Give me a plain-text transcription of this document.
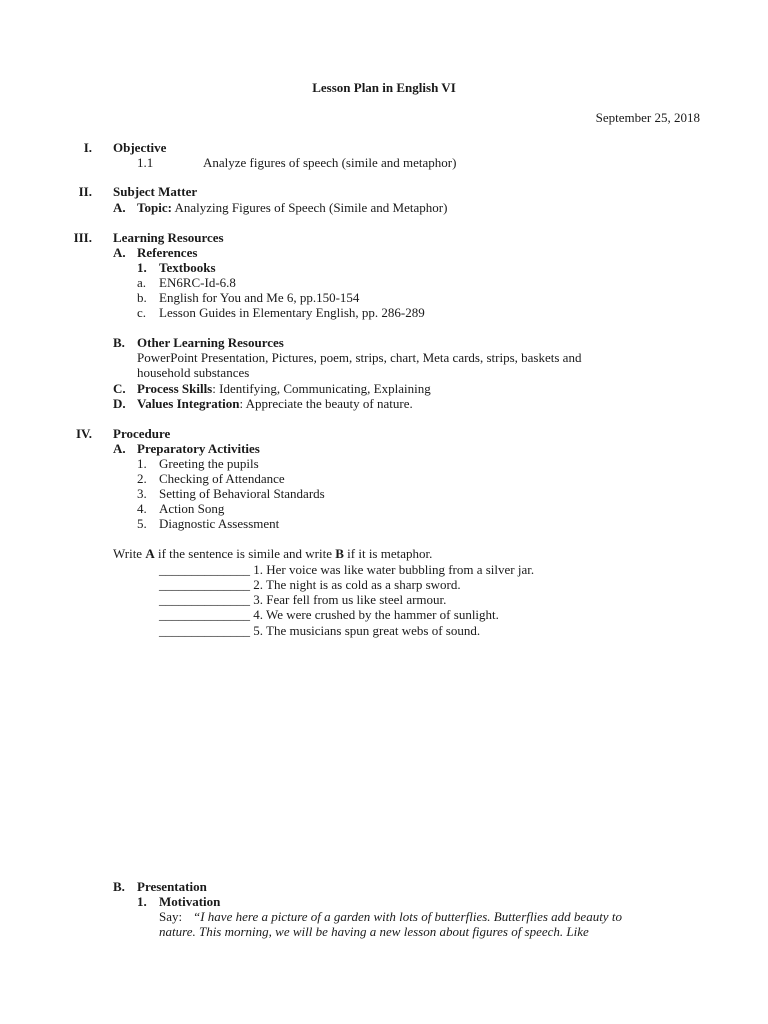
Lesson Plan in English VI
September 25, 2018
I. Objective
1.1	Analyze figures of speech (simile and metaphor)
II. Subject Matter
A. Topic: Analyzing Figures of Speech (Simile and Metaphor)
III. Learning Resources
A. References
1. Textbooks
a. EN6RC-Id-6.8
b. English for You and Me 6, pp.150-154
c. Lesson Guides in Elementary English, pp. 286-289
B. Other Learning Resources
PowerPoint Presentation, Pictures, poem, strips, chart, Meta cards, strips, baskets and
household substances
C. Process Skills: Identifying, Communicating, Explaining
D. Values Integration: Appreciate the beauty of nature.
IV. Procedure
A. Preparatory Activities
1. Greeting the pupils
2. Checking of Attendance
3. Setting of Behavioral Standards
4. Action Song
5. Diagnostic Assessment
Write A if the sentence is simile and write B if it is metaphor.
______________ 1. Her voice was like water bubbling from a silver jar.
______________ 2. The night is as cold as a sharp sword.
______________ 3. Fear fell from us like steel armour.
______________ 4. We were crushed by the hammer of sunlight.
______________ 5. The musicians spun great webs of sound.
B. Presentation
1. Motivation
Say: “I have here a picture of a garden with lots of butterflies. Butterflies add beauty to
nature. This morning, we will be having a new lesson about figures of speech. Like
